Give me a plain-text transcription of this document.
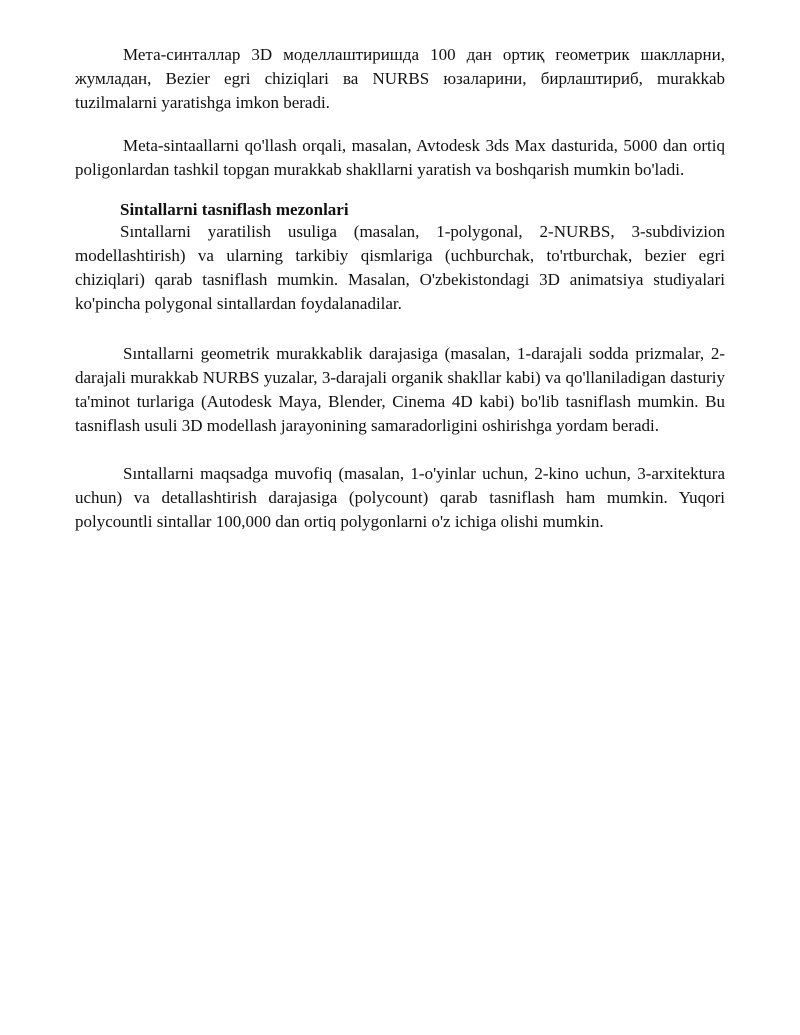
Мета-синталлар 3D моделлаштиришда 100 дан ортиқ геометрик шаклларни, жумладан, Bezier egri chiziqlari ва NURBS юзаларини, бирлаштириб, murakkab tuzilmalarni yaratishga imkon beradi.

Meta-sintaallarni qo'llash orqali, masalan, Avtodesk 3ds Max dasturida, 5000 dan ortiq poligonlardan tashkil topgan murakkab shakllarni yaratish va boshqarish mumkin bo'ladi.

Sintallarni tasniflash mezonlari

Sıntallarni yaratilish usuliga (masalan, 1-polygonal, 2-NURBS, 3-subdivizion modellashtirish) va ularning tarkibiy qismlariga (uchburchak, to'rtburchak, bezier egri chiziqlari) qarab tasniflash mumkin. Masalan, O'zbekistondagi 3D animatsiya studiyalari ko'pincha polygonal sintallardan foydalanadilar.

Sıntallarni geometrik murakkablik darajasiga (masalan, 1-darajali sodda prizmalar, 2-darajali murakkab NURBS yuzalar, 3-darajali organik shakllar kabi) va qo'llaniladigan dasturiy ta'minot turlariga (Autodesk Maya, Blender, Cinema 4D kabi) bo'lib tasniflash mumkin. Bu tasniflash usuli 3D modellash jarayonining samaradorligini oshirishga yordam beradi.

Sıntallarni maqsadga muvofiq (masalan, 1-o'yinlar uchun, 2-kino uchun, 3-arxitektura uchun) va detallashtirish darajasiga (polycount) qarab tasniflash ham mumkin. Yuqori polycountli sintallar 100,000 dan ortiq polygonlarni o'z ichiga olishi mumkin.
